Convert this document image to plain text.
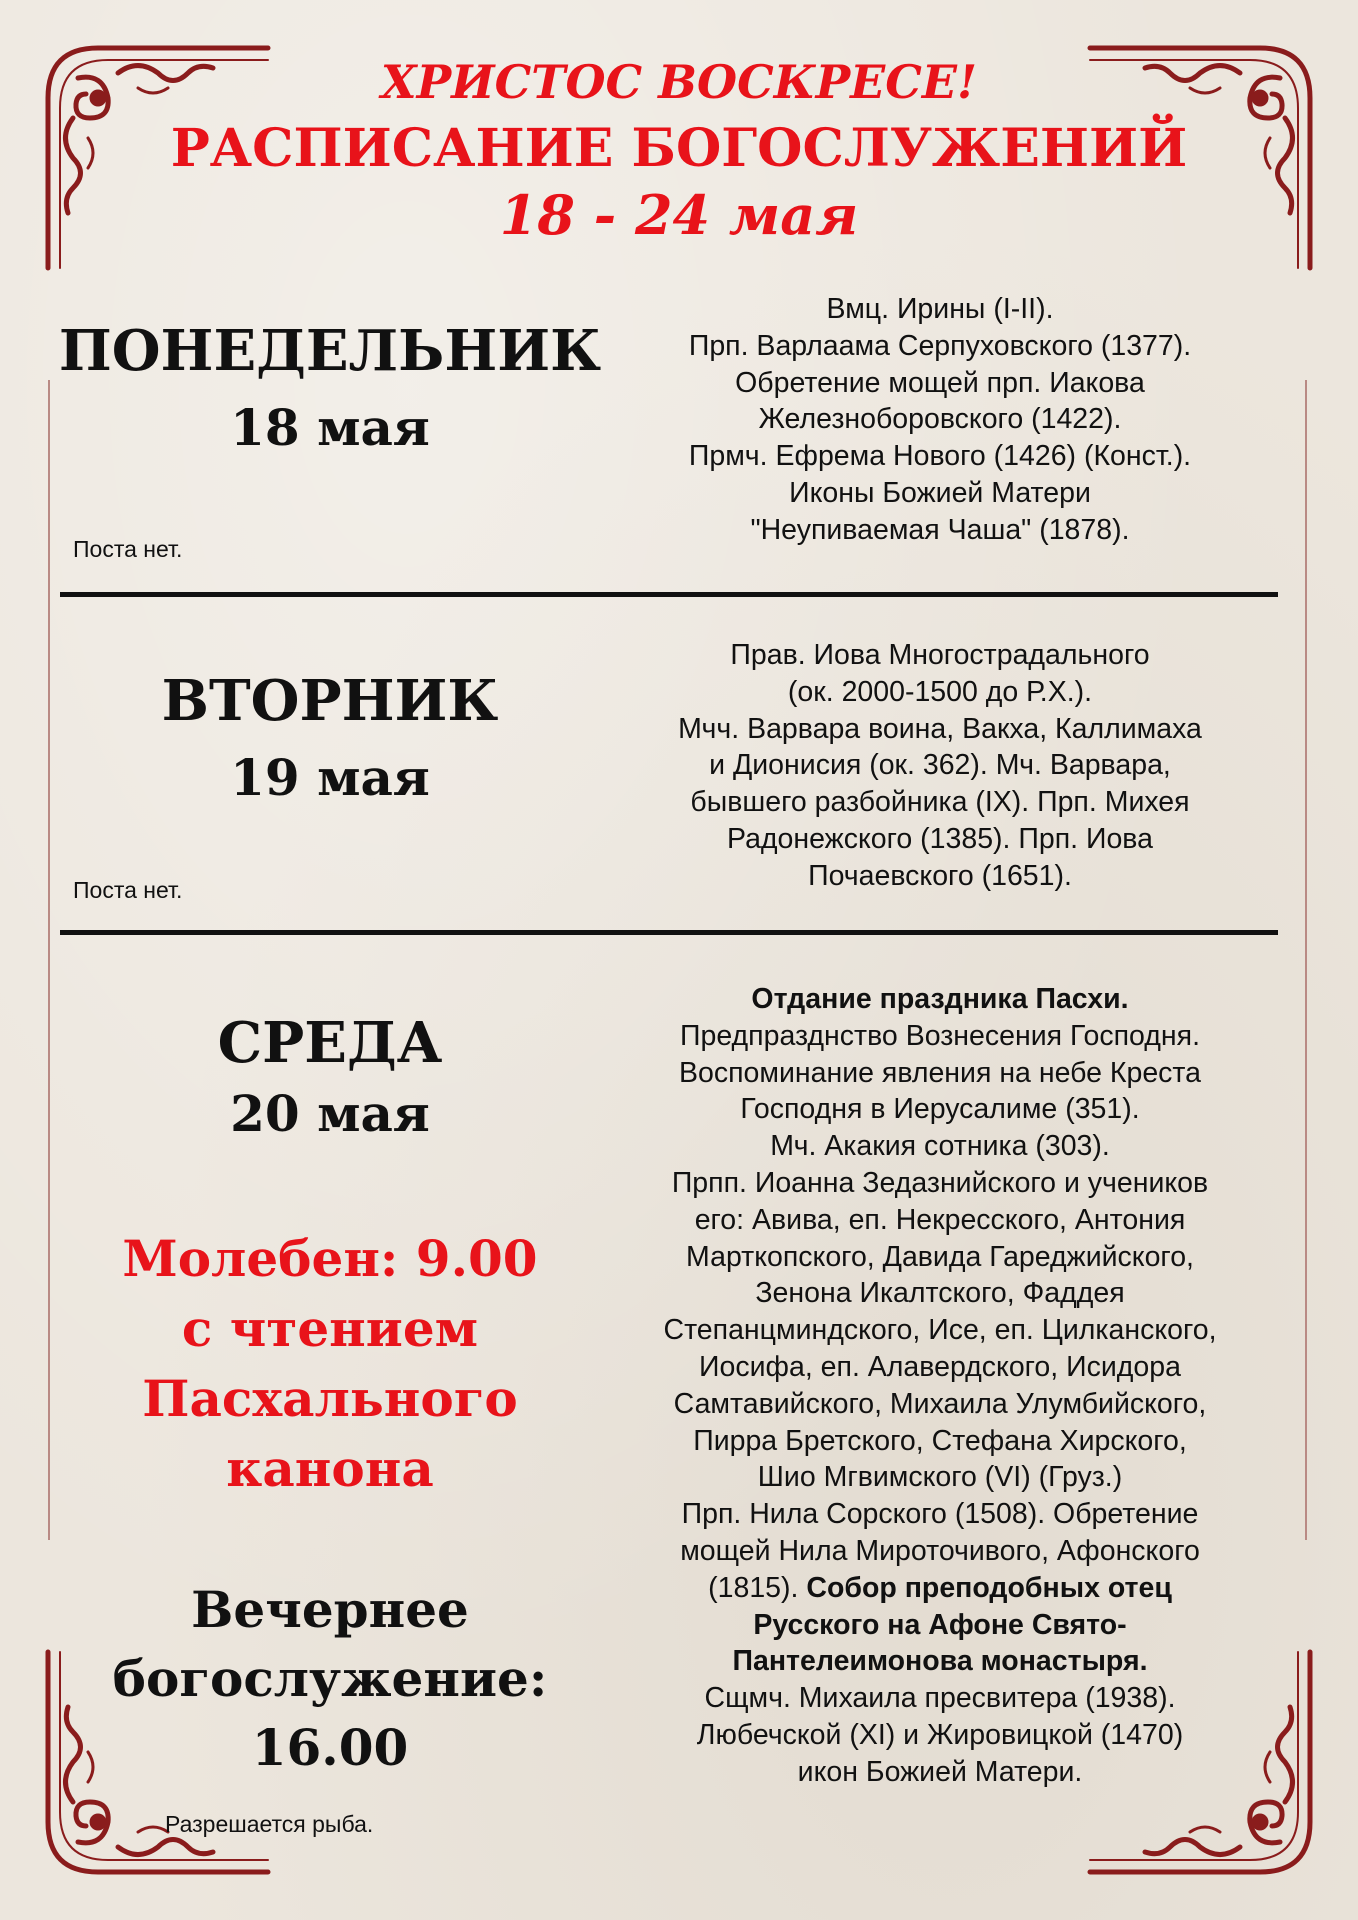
ХРИСТОС ВОСКРЕСЕ!
РАСПИСАНИЕ БОГОСЛУЖЕНИЙ
18 - 24 мая
ПОНЕДЕЛЬНИК
18 мая
Поста нет.
Вмц. Ирины (I-II).
Прп. Варлаама Серпуховского (1377).
Обретение мощей прп. Иакова
Железноборовского (1422).
Прмч. Ефрема Нового (1426) (Конст.).
Иконы Божией Матери
"Неупиваемая Чаша" (1878).
ВТОРНИК
19 мая
Поста нет.
Прав. Иова Многострадального
(ок. 2000-1500 до Р.Х.).
Мчч. Варвара воина, Вакха, Каллимаха
и Дионисия (ок. 362). Мч. Варвара,
бывшего разбойника (IX). Прп. Михея
Радонежского (1385). Прп. Иова
Почаевского (1651).
СРЕДА
20 мая
Молебен: 9.00
с чтением
Пасхального
канона
Вечернее
богослужение:
16.00
Разрешается рыба.
Отдание праздника Пасхи.
Предпразднство Вознесения Господня.
Воспоминание явления на небе Креста
Господня в Иерусалиме (351).
Мч. Акакия сотника (303).
Прпп. Иоанна Зедазнийского и учеников
его: Авива, еп. Некресского, Антония
Марткопского, Давида Гареджийского,
Зенона Икалтского, Фаддея
Степанцминдского, Исе, еп. Цилканского,
Иосифа, еп. Алавердского, Исидора
Самтавийского, Михаила Улумбийского,
Пирра Бретского, Стефана Хирского,
Шио Мгвимского (VI) (Груз.)
Прп. Нила Сорского (1508). Обретение
мощей Нила Мироточивого, Афонского
(1815). Собор преподобных отец
Русского на Афоне Свято-
Пантелеимонова монастыря.
Сщмч. Михаила пресвитера (1938).
Любечской (XI) и Жировицкой (1470)
икон Божией Матери.
